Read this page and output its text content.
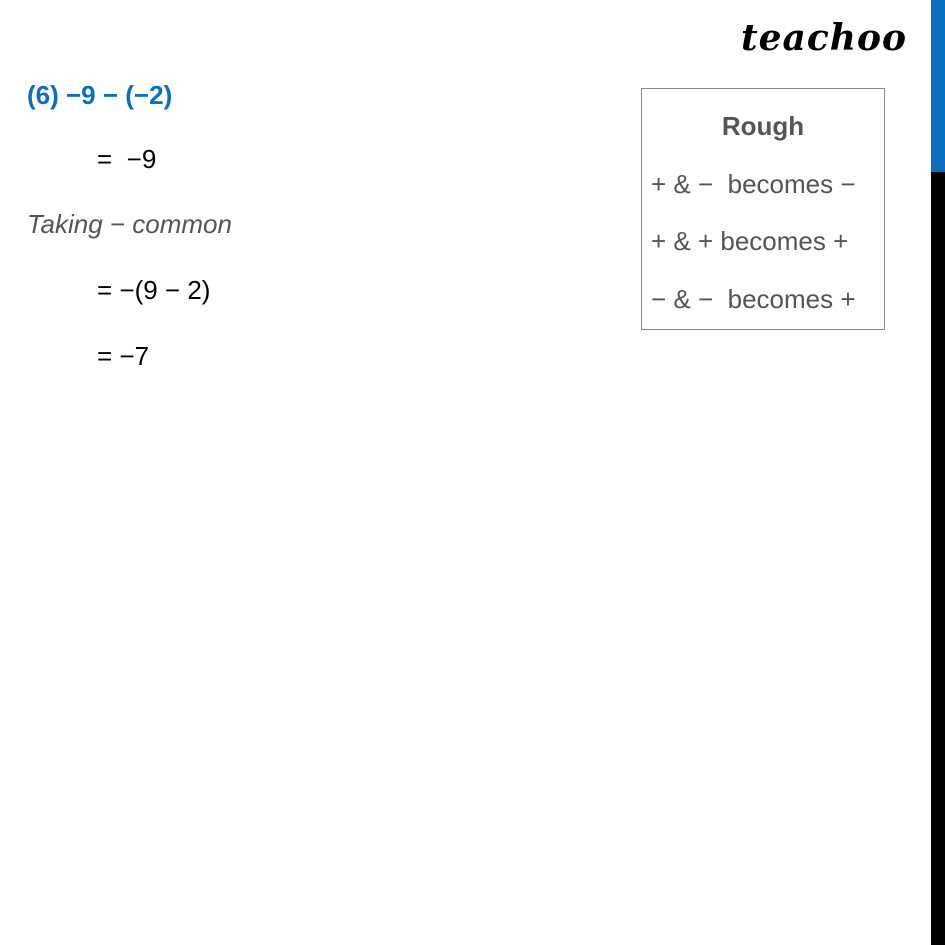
teachoo
(6) −9 − (−2)
=  −9
Taking − common
= −(9 − 2)
= −7
Rough
+ & −  becomes −
+ & + becomes +
− & −  becomes +
